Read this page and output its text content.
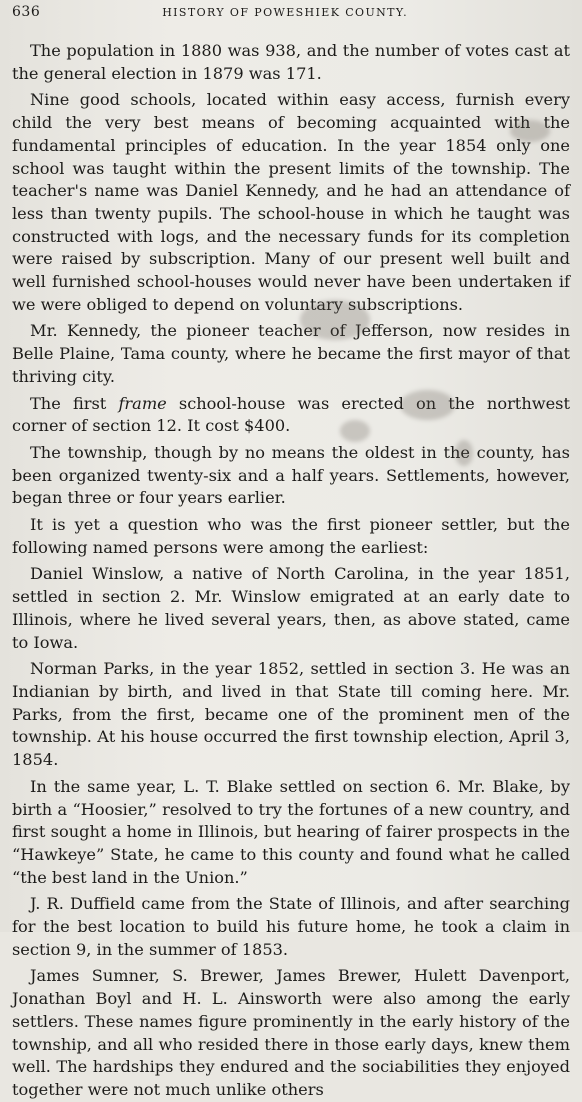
636	HISTORY OF POWESHIEK COUNTY.

The population in 1880 was 938, and the number of votes cast at the general election in 1879 was 171.

Nine good schools, located within easy access, furnish every child the very best means of becoming acquainted with the fundamental principles of education. In the year 1854 only one school was taught within the present limits of the township. The teacher's name was Daniel Kennedy, and he had an attendance of less than twenty pupils. The school-house in which he taught was constructed with logs, and the necessary funds for its completion were raised by subscription. Many of our present well built and well furnished school-houses would never have been undertaken if we were obliged to depend on voluntary subscriptions.

Mr. Kennedy, the pioneer teacher of Jefferson, now resides in Belle Plaine, Tama county, where he became the first mayor of that thriving city.

The first frame school-house was erected on the northwest corner of section 12. It cost $400.

The township, though by no means the oldest in the county, has been organized twenty-six and a half years. Settlements, however, began three or four years earlier.

It is yet a question who was the first pioneer settler, but the following named persons were among the earliest:

Daniel Winslow, a native of North Carolina, in the year 1851, settled in section 2. Mr. Winslow emigrated at an early date to Illinois, where he lived several years, then, as above stated, came to Iowa.

Norman Parks, in the year 1852, settled in section 3. He was an Indianian by birth, and lived in that State till coming here. Mr. Parks, from the first, became one of the prominent men of the township. At his house occurred the first township election, April 3, 1854.

In the same year, L. T. Blake settled on section 6. Mr. Blake, by birth a “Hoosier,” resolved to try the fortunes of a new country, and first sought a home in Illinois, but hearing of fairer prospects in the “Hawkeye” State, he came to this county and found what he called “the best land in the Union.”

J. R. Duffield came from the State of Illinois, and after searching for the best location to build his future home, he took a claim in section 9, in the summer of 1853.

James Sumner, S. Brewer, James Brewer, Hulett Davenport, Jonathan Boyl and H. L. Ainsworth were also among the early settlers. These names figure prominently in the early history of the township, and all who resided there in those early days, knew them well. The hardships they endured and the sociabilities they enjoyed together were not much unlike others
